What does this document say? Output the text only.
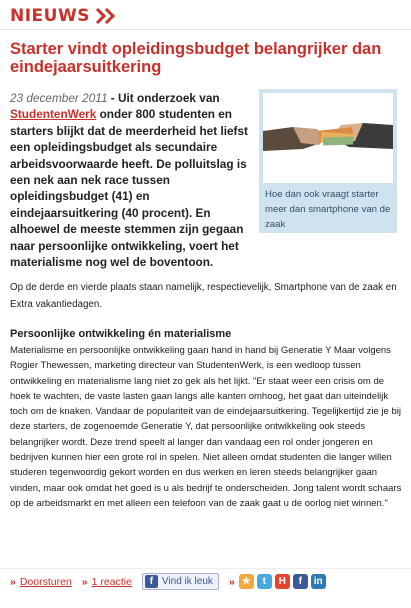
NIEUWS
Starter vindt opleidingsbudget belangrijker dan eindejaarsuitkering
23 december 2011 - Uit onderzoek van StudentenWerk onder 800 studenten en starters blijkt dat de meerderheid het liefst een opleidingsbudget als secundaire arbeidsvoorwaarde heeft. De polluitslag is een nek aan nek race tussen opleidingsbudget (41) en eindejaarsuitkering (40 procent). En alhoewel de meeste stemmen zijn gegaan naar persoonlijke ontwikkeling, voert het materialisme nog wel de boventoon.
Hoe dan ook vraagt starter meer dan smartphone van de zaak
Op de derde en vierde plaats staan namelijk, respectievelijk, Smartphone van de zaak en Extra vakantiedagen.
Persoonlijke ontwikkeling én materialisme
Materialisme en persoonlijke ontwikkeling gaan hand in hand bij Generatie Y Maar volgens Rogier Thewessen, marketing directeur van StudentenWerk, is een wedloop tussen ontwikkeling en materialisme lang niet zo gek als het lijkt. "Er staat weer een crisis om de hoek te wachten, de vaste lasten gaan langs alle kanten omhoog, het gaat dan uiteindelijk toch om de knaken. Vandaar de populariteit van de eindejaarsuitkering. Tegelijkertijd zie je bij deze starters, de zogenoemde Generatie Y, dat persoonlijke ontwikkeling ook steeds belangrijker wordt. Deze trend speelt al langer dan vandaag een rol onder jongeren en bedrijven kunnen hier een grote rol in spelen. Niet alleen omdat studenten die langer willen studeren tegenwoordig gekort worden en dus werken en leren steeds belangrijker gaan vinden, maar ook omdat het goed is u als bedrijf te onderscheiden. Jong talent wordt schaars op de arbeidsmarkt en met alleen een telefoon van de zaak gaat u de oorlog niet winnen."
» Doorsturen » 1 reactie	f Vind ik leuk » ★ t H f in
